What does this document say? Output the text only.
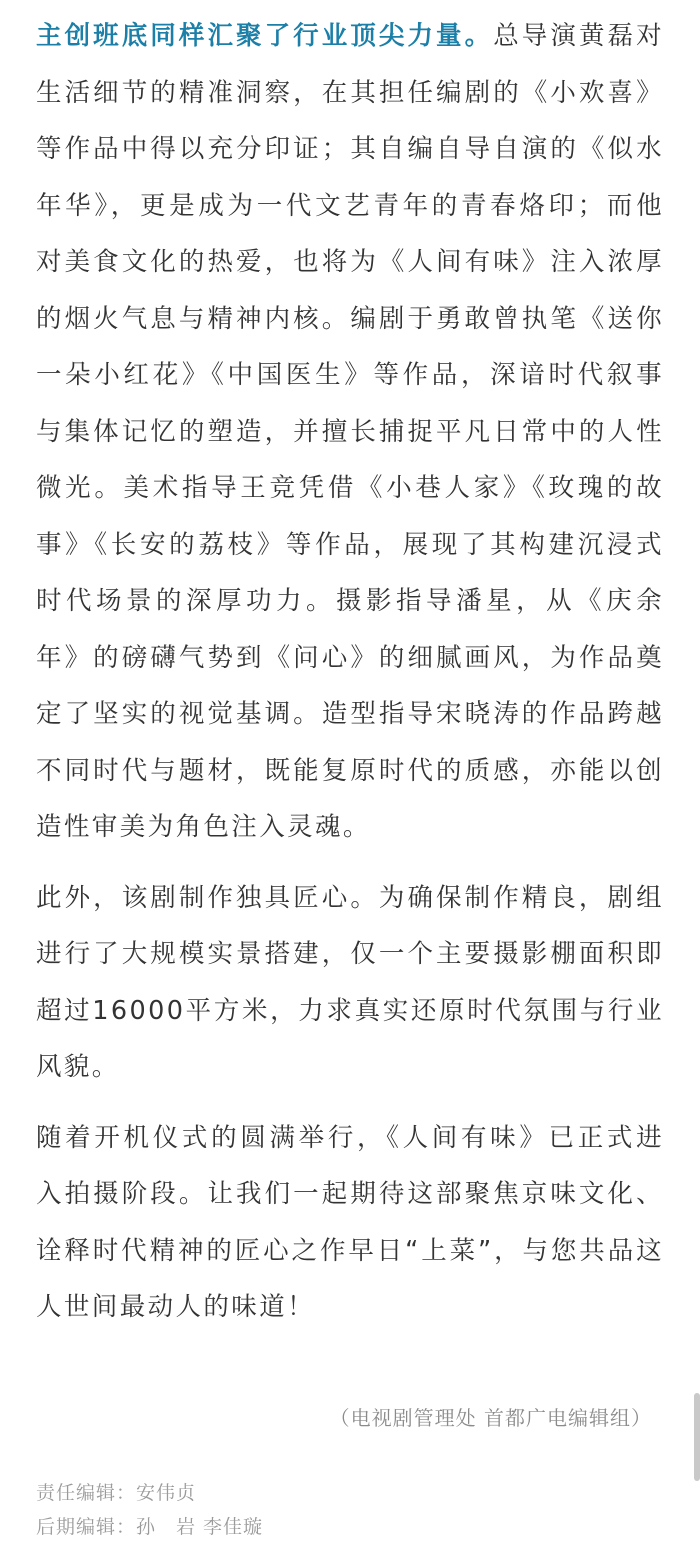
主创班底同样汇聚了行业顶尖力量。总导演黄磊对生活细节的精准洞察，在其担任编剧的《小欢喜》等作品中得以充分印证；其自编自导自演的《似水年华》，更是成为一代文艺青年的青春烙印；而他对美食文化的热爱，也将为《人间有味》注入浓厚的烟火气息与精神内核。编剧于勇敢曾执笔《送你一朵小红花》《中国医生》等作品，深谙时代叙事与集体记忆的塑造，并擅长捕捉平凡日常中的人性微光。美术指导王竞凭借《小巷人家》《玫瑰的故事》《长安的荔枝》等作品，展现了其构建沉浸式时代场景的深厚功力。摄影指导潘星，从《庆余年》的磅礴气势到《问心》的细腻画风，为作品奠定了坚实的视觉基调。造型指导宋晓涛的作品跨越不同时代与题材，既能复原时代的质感，亦能以创造性审美为角色注入灵魂。

此外，该剧制作独具匠心。为确保制作精良，剧组进行了大规模实景搭建，仅一个主要摄影棚面积即超过16000平方米，力求真实还原时代氛围与行业风貌。

随着开机仪式的圆满举行，《人间有味》已正式进入拍摄阶段。让我们一起期待这部聚焦京味文化、诠释时代精神的匠心之作早日“上菜”，与您共品这人世间最动人的味道！

（电视剧管理处 首都广电编辑组）
责任编辑：安伟贞
后期编辑：孙　岩 李佳璇
